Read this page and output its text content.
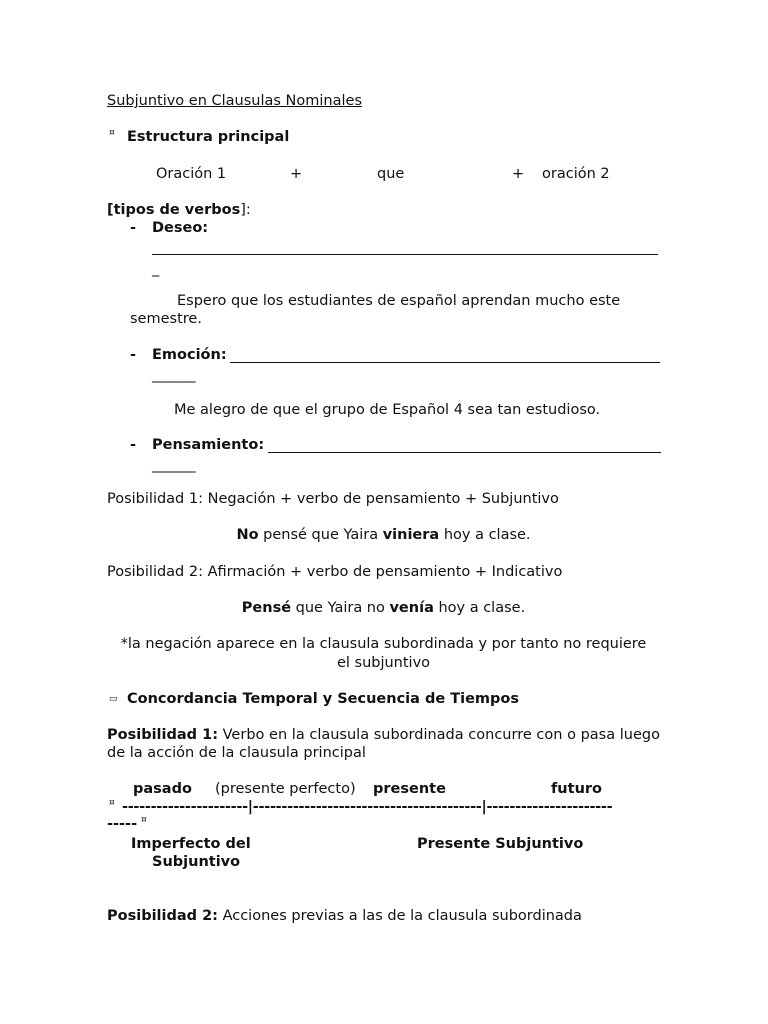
Subjuntivo en Clausulas Nominales
¤ Estructura principal
Oración 1	+	que	+ oración 2
[tipos de verbos]:
- Deseo:
_
Espero que los estudiantes de español aprendan mucho este
semestre.
- Emoción:
______
Me alegro de que el grupo de Español 4 sea tan estudioso.
- Pensamiento:
______
Posibilidad 1: Negación + verbo de pensamiento + Subjuntivo
No pensé que Yaira viniera hoy a clase.
Posibilidad 2: Afirmación + verbo de pensamiento + Indicativo
Pensé que Yaira no venía hoy a clase.
*la negación aparece en la clausula subordinada y por tanto no requiere
el subjuntivo
▭ Concordancia Temporal y Secuencia de Tiempos
Posibilidad 1: Verbo en la clausula subordinada concurre con o pasa luego de la acción de la clausula principal
pasado (presente perfecto) presente	futuro
¤ ----------------------|----------------------------------------|----------------------
----- ¤
Imperfecto del
Subjuntivo
Presente Subjuntivo
Posibilidad 2: Acciones previas a las de la clausula subordinada
